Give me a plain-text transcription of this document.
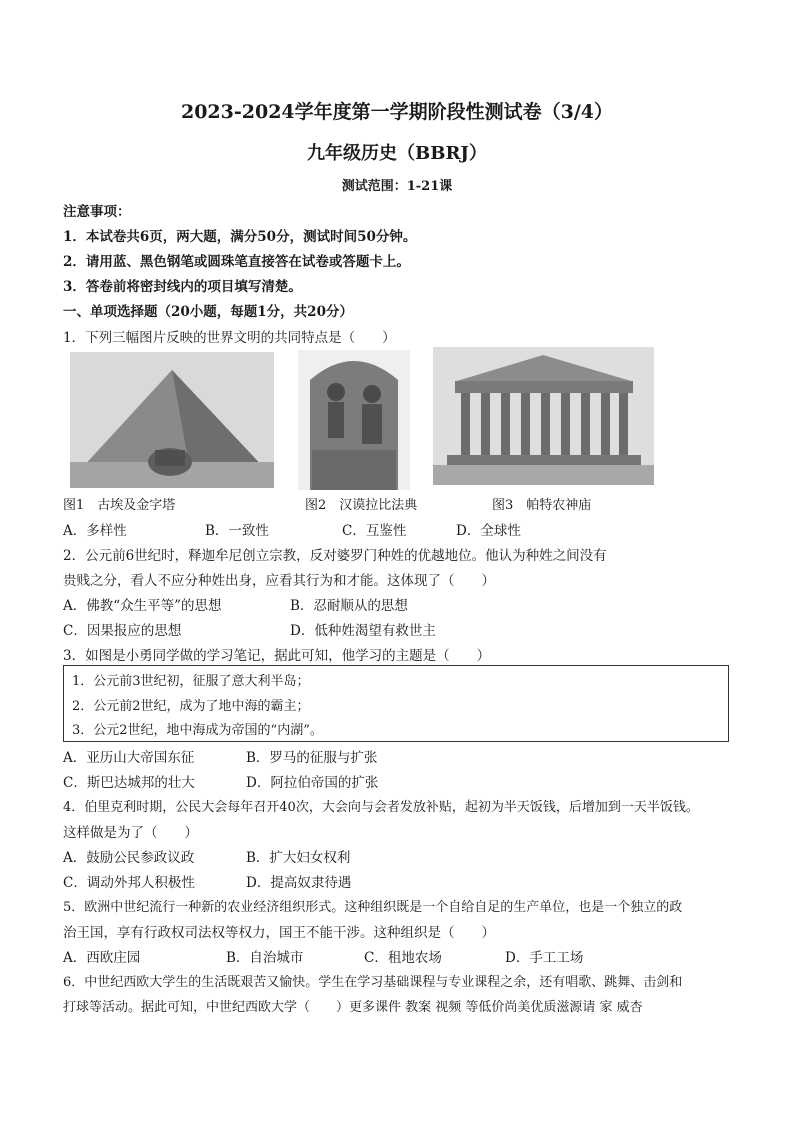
2023-2024学年度第一学期阶段性测试卷（3/4）
九年级历史（BBRJ）
测试范围：1-21课
注意事项：
1．本试卷共6页，两大题，满分50分，测试时间50分钟。
2．请用蓝、黑色钢笔或圆珠笔直接答在试卷或答题卡上。
3．答卷前将密封线内的项目填写清楚。
一、单项选择题（20小题，每题1分，共20分）
1．下列三幅图片反映的世界文明的共同特点是（　　）
图1　古埃及金字塔	图2　汉谟拉比法典	图3　帕特农神庙
A．多样性	B．一致性	C．互鉴性	D．全球性
2．公元前6世纪时，释迦牟尼创立宗教，反对婆罗门种姓的优越地位。他认为种姓之间没有
贵贱之分，看人不应分种姓出身，应看其行为和才能。这体现了（　　）
A．佛教“众生平等”的思想	B．忍耐顺从的思想
C．因果报应的思想	D．低种姓渴望有救世主
3．如图是小勇同学做的学习笔记，据此可知，他学习的主题是（　　）
1．公元前3世纪初，征服了意大利半岛；
2．公元前2世纪，成为了地中海的霸主；
3．公元2世纪，地中海成为帝国的“内湖”。
A．亚历山大帝国东征	B．罗马的征服与扩张
C．斯巴达城邦的壮大	D．阿拉伯帝国的扩张
4．伯里克利时期，公民大会每年召开40次，大会向与会者发放补贴，起初为半天饭钱，后增加到一天半饭钱。
这样做是为了（　　）
A．鼓励公民参政议政	B．扩大妇女权利
C．调动外邦人积极性	D．提高奴隶待遇
5．欧洲中世纪流行一种新的农业经济组织形式。这种组织既是一个自给自足的生产单位，也是一个独立的政
治王国，享有行政权司法权等权力，国王不能干涉。这种组织是（　　）
A．西欧庄园	B．自治城市	C．租地农场	D．手工工场
6．中世纪西欧大学生的生活既艰苦又愉快。学生在学习基础课程与专业课程之余，还有唱歌、跳舞、击剑和
打球等活动。据此可知，中世纪西欧大学（　　）更多课件 教案 视频 等低价尚美优质滋源请 家 威杏
